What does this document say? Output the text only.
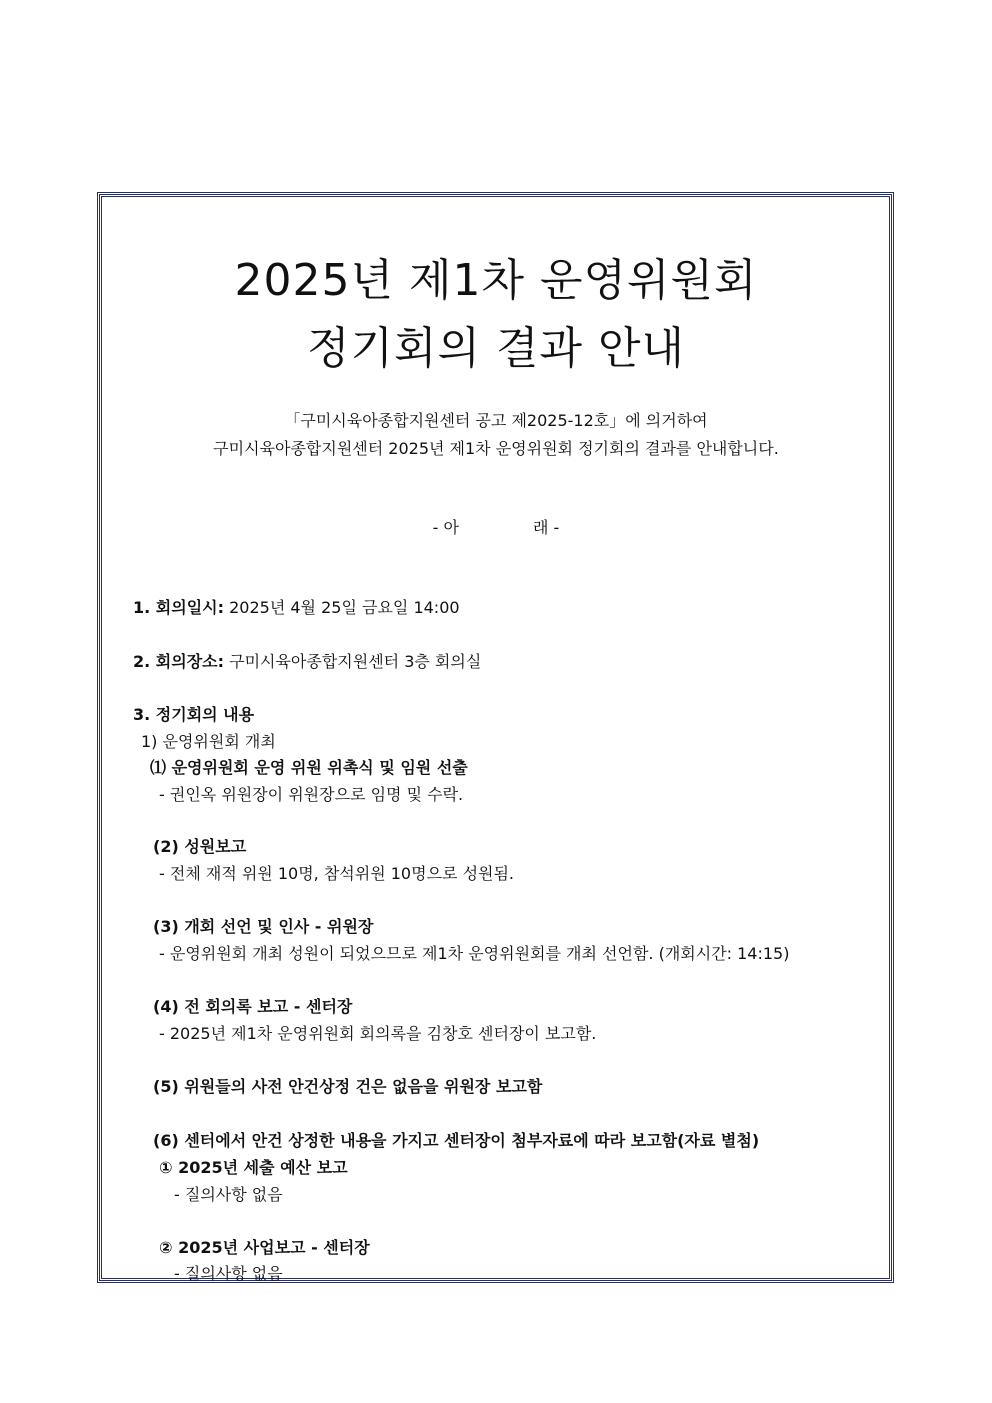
2025년 제1차 운영위원회
정기회의 결과 안내
「구미시육아종합지원센터 공고 제2025-12호」에 의거하여
구미시육아종합지원센터 2025년 제1차 운영위원회 정기회의 결과를 안내합니다.
- 아	래 -
1. 회의일시: 2025년 4월 25일 금요일 14:00
2. 회의장소: 구미시육아종합지원센터 3층 회의실
3. 정기회의 내용
1) 운영위원회 개최
⑴ 운영위원회 운영 위원 위촉식 및 임원 선출
- 권인옥 위원장이 위원장으로 임명 및 수락.
(2) 성원보고
- 전체 재적 위원 10명, 참석위원 10명으로 성원됨.
(3) 개회 선언 및 인사 - 위원장
- 운영위원회 개최 성원이 되었으므로 제1차 운영위원회를 개최 선언함. (개회시간: 14:15)
(4) 전 회의록 보고 - 센터장
- 2025년 제1차 운영위원회 회의록을 김창호 센터장이 보고함.
(5) 위원들의 사전 안건상정 건은 없음을 위원장 보고함
(6) 센터에서 안건 상정한 내용을 가지고 센터장이 첨부자료에 따라 보고함(자료 별첨)
① 2025년 세출 예산 보고
- 질의사항 없음
② 2025년 사업보고 - 센터장
- 질의사항 없음
